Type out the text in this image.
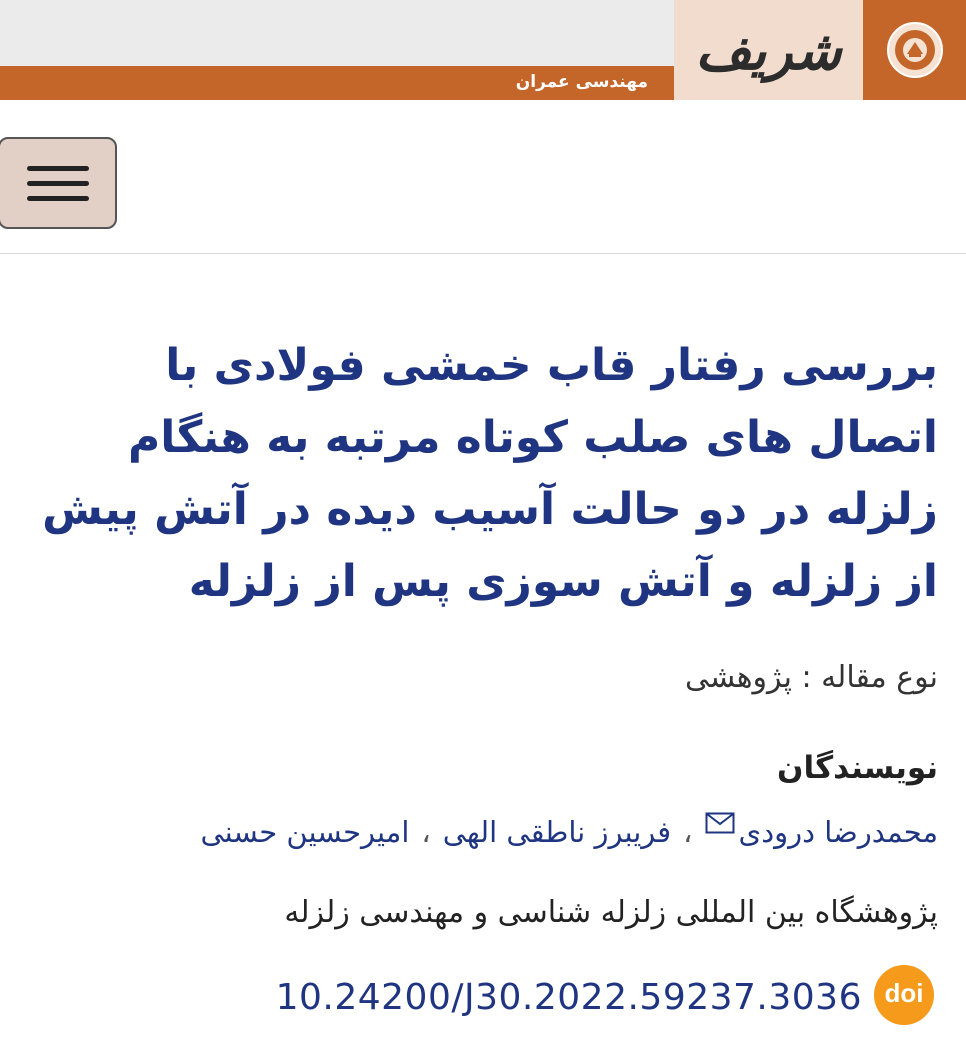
مهندسی عمران شریف
بررسی رفتار قاب خمشی فولادی با اتصال های صلب کوتاه مرتبه به هنگام زلزله در دو حالت آسیب دیده در آتش پیش از زلزله و آتش سوزی پس از زلزله
نوع مقاله : پژوهشی
نویسندگان
محمدرضا درودی،فریبرز ناطقی الهی،امیرحسین حسنی
پژوهشگاه بین المللی زلزله شناسی و مهندسی زلزله
10.24200/J30.2022.59237.3036 doi
